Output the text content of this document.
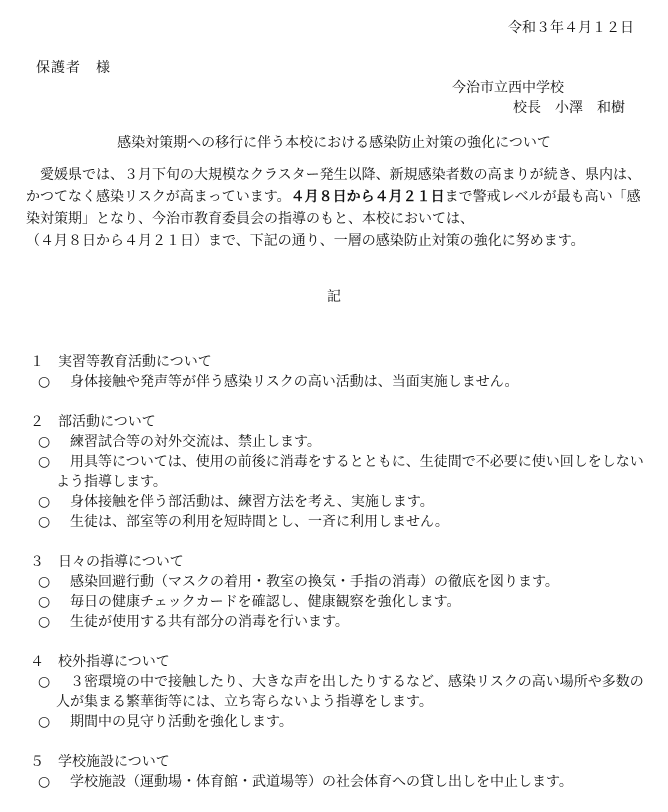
令和３年４月１２日
保護者　様
今治市立西中学校
校長　小澤　和樹
感染対策期への移行に伴う本校における感染防止対策の強化について

愛媛県では、３月下旬の大規模なクラスター発生以降、新規感染者数の高まりが続き、県内は、かつてなく感染リスクが高まっています。４月８日から４月２１日まで警戒レベルが最も高い「感染対策期」となり、今治市教育委員会の指導のもと、本校においては、（４月８日から４月２１日）まで、下記の通り、一層の感染防止対策の強化に努めます。

記
１	実習等教育活動について
○ 　身体接触や発声等が伴う感染リスクの高い活動は、当面実施しません。
２	部活動について
○ 　練習試合等の対外交流は、禁止します。
○ 　用具等については、使用の前後に消毒をするとともに、生徒間で不必要に使い回しをしないよう指導します。
○ 　身体接触を伴う部活動は、練習方法を考え、実施します。
○ 　生徒は、部室等の利用を短時間とし、一斉に利用しません。
３	日々の指導について
○ 　感染回避行動（マスクの着用・教室の換気・手指の消毒）の徹底を図ります。
○ 　毎日の健康チェックカードを確認し、健康観察を強化します。
○ 　生徒が使用する共有部分の消毒を行います。
４	校外指導について
○ 　３密環境の中で接触したり、大きな声を出したりするなど、感染リスクの高い場所や多数の人が集まる繁華街等には、立ち寄らないよう指導をします。
○ 　期間中の見守り活動を強化します。
５	学校施設について
○ 　学校施設（運動場・体育館・武道場等）の社会体育への貸し出しを中止します。
